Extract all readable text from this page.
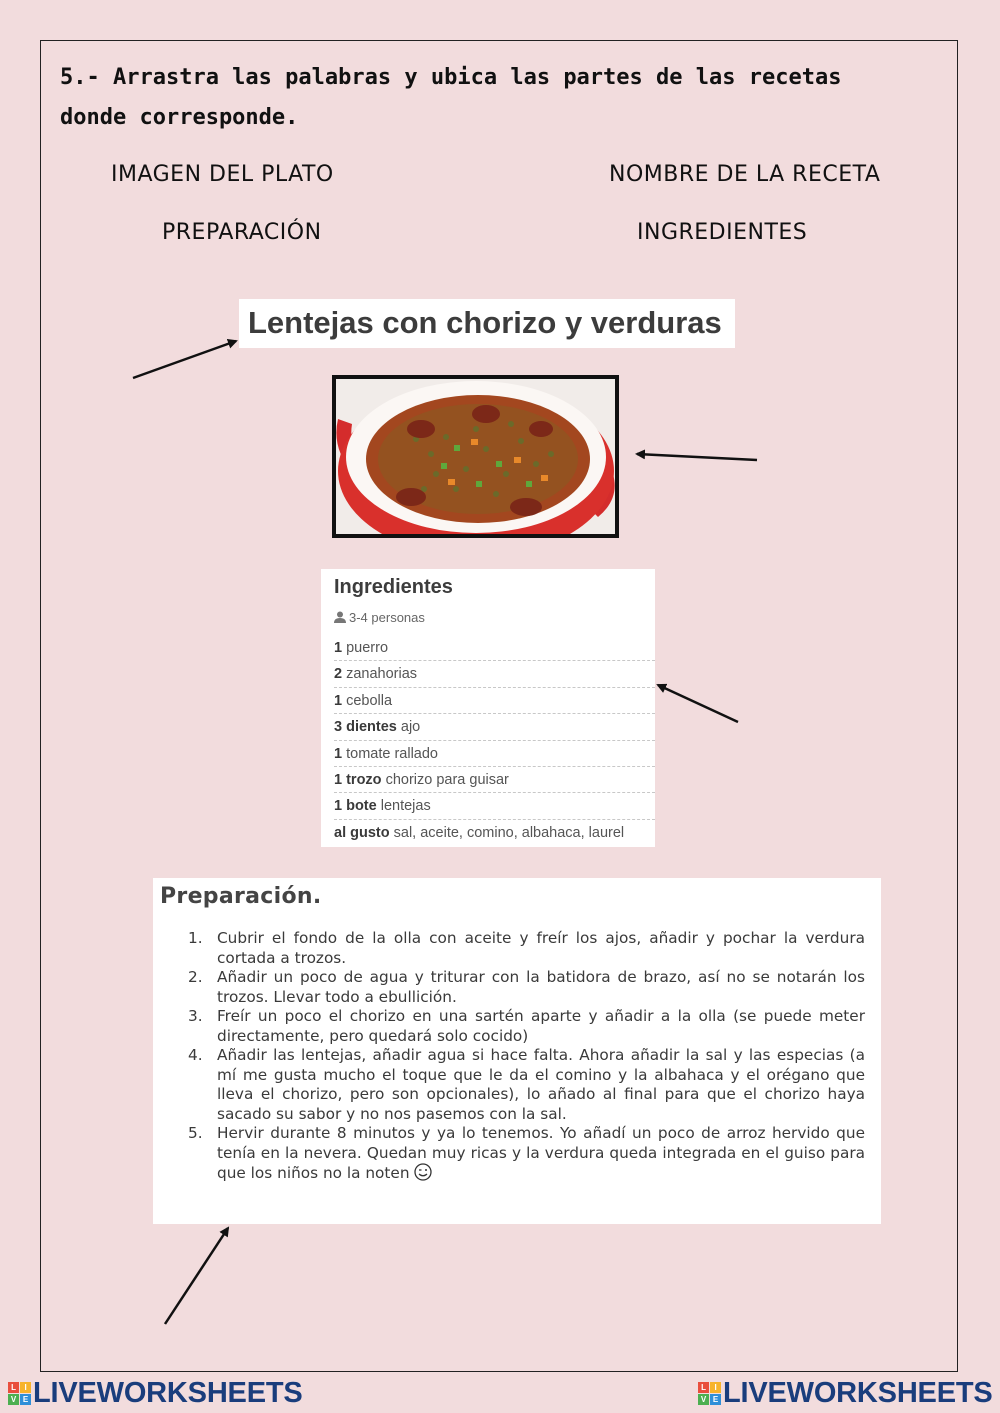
5.- Arrastra las palabras y ubica las partes de las recetas donde corresponde.
IMAGEN DEL PLATO	NOMBRE DE LA RECETA
PREPARACIÓN	INGREDIENTES
Lentejas con chorizo y verduras
Ingredientes
3-4 personas
1 puerro
2 zanahorias
1 cebolla
3 dientes ajo
1 tomate rallado
1 trozo chorizo para guisar
1 bote lentejas
al gusto sal, aceite, comino, albahaca, laurel
Preparación.
1. Cubrir el fondo de la olla con aceite y freír los ajos, añadir y pochar la verdura cortada a trozos.
2. Añadir un poco de agua y triturar con la batidora de brazo, así no se notarán los trozos. Llevar todo a ebullición.
3. Freír un poco el chorizo en una sartén aparte y añadir a la olla (se puede meter directamente, pero quedará solo cocido)
4. Añadir las lentejas, añadir agua si hace falta. Ahora añadir la sal y las especias (a mí me gusta mucho el toque que le da el comino y la albahaca y el orégano que lleva el chorizo, pero son opcionales), lo añado al final para que el chorizo haya sacado su sabor y no nos pasemos con la sal.
5. Hervir durante 8 minutos y ya lo tenemos. Yo añadí un poco de arroz hervido que tenía en la nevera. Quedan muy ricas y la verdura queda integrada en el guiso para que los niños no la noten
L	I
V E LIVEWORKSHEETS	L	I
V E LIVEWORKSHEETS
